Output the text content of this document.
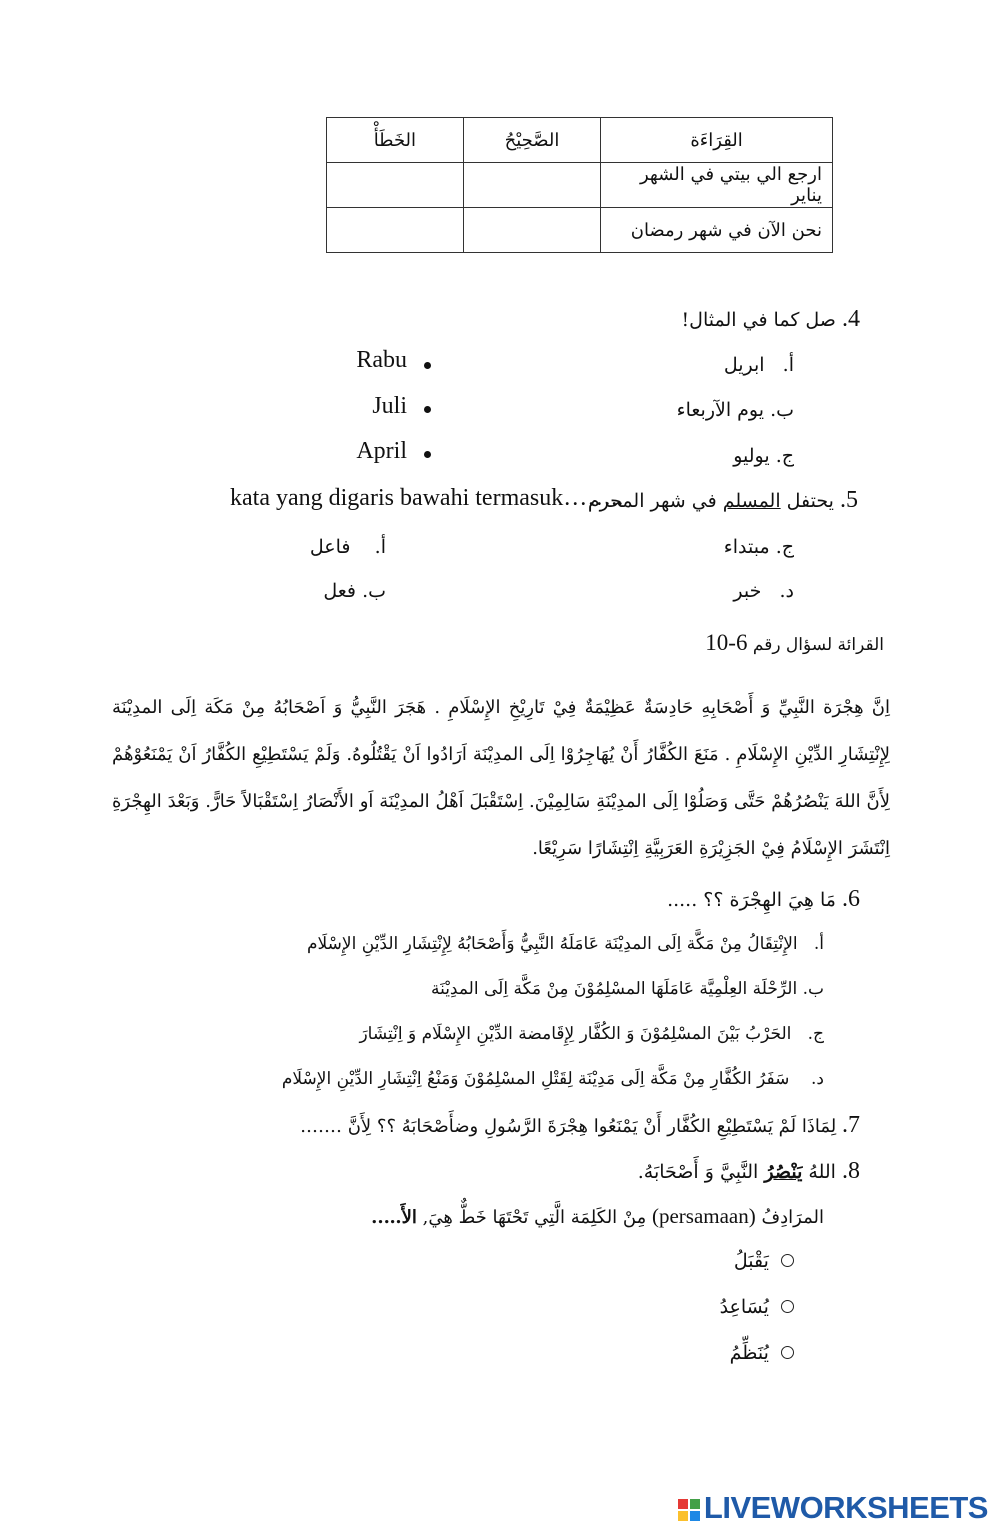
القِرَاءَة	الصَّحِيْحُ	الخَطَأْ
ارجع الي بيتي في الشهر يناير		
نحن الآن في شهر رمضان		
4. صل كما في المثال!
أ.   ابريل
ب. يوم الآربعاء
ج. يوليو
Rabu
Juli
April
kata yang digaris bawahi termasuk……..	5. يحتفل المسلم في شهر المحرم
أ.    فاعل
ب. فعل
ج. مبتداء
د.   خبر
القرائة لسؤال رقم 6-10
اِنَّ هِجْرَة النَّبِيِّ وَ أَصْحَابِهِ حَادِسَةٌ عَظِيْمَةٌ فِيْ تَارِيْخِ الإِسْلَامِ . هَجَرَ النَّبِيُّ وَ اَصْحَابُهُ مِنْ مَكَة اِلَى المدِيْنَة لِإِنْتِشَارِ الدِّيْنِ الإِسْلَامِ . مَنَعَ الكُفَّارُ أَنْ يُهَاجِرُوْا اِلَى المدِيْنَة اَرَادُوا اَنْ يَقْتُلُوهُ. وَلَمْ يَسْتَطِيْعِ الكُفَّارُ اَنْ يَمْنَعُوْهُمْ لِأَنَّ اللهَ يَنْصُرُهُمْ حَتَّى وَصَلُوْا اِلَى المدِيْنَةِ سَالِمِيْنَ. اِسْتَقْبَلَ اَهْلُ المدِيْنَة اَو الأَنْصَارُ اِسْتَقْبَالاً حَارًّ. وَبَعْدَ الهِجْرَةِ اِنْتَشَرَ الإِسْلَامُ فِيْ الجَزِيْرَةِ العَرَبِيَّةِ اِنْتِشَارًا سَرِيْعًا.
6. مَا هِيَ الهِجْرَة ؟؟ .....
أ.   الإِنْتِقَالُ مِنْ مَكَّة اِلَى المدِيْنَة عَامَلَهُ النَّبِيُّ وَأَصْحَابُهُ لِإِنْتِشَارِ الدِّيْنِ الإِسْلَام
ب. الرِّحْلَة العِلْمِيَّة عَامَلَهَا المسْلِمُوْنَ مِنْ مَكَّة اِلَى المدِيْنَة
ج.   الحَرْبُ بَيْنَ المسْلِمُوْنَ وَ الكُفَّار لِإِقَامضة الدِّيْنِ الإِسْلَام وَ اِنْتِشَارَ
د.    سَفَرُ الكُفَّارِ مِنْ مَكَّة اِلَى مَدِيْنَة لِقَتْلِ المسْلِمُوْنَ وَمَنْعُ اِنْتِشَارِ الدِّيْنِ الإِسْلَام
7. لِمَاذَا لَمْ يَسْتَطِيْعِ الكُفَّار أَنْ يَمْنَعُوا هِجْرَةَ الرَّسُولِ وضأَصْحَابَهُ ؟؟ لِأَنَّ …….
8. اللهُ يَنْصُرُ النَّبِيَّ وَ أَصْحَابَهُ.
المرَادِفُ (persamaan) مِنْ الكَلِمَة الَّتِي تَحْتَهَا خَطٌّ هِيَ, الأَ…..
يَقْبَلُ
يُسَاعِدُ
يُنَظِّمُ
LIVEWORKSHEETS
